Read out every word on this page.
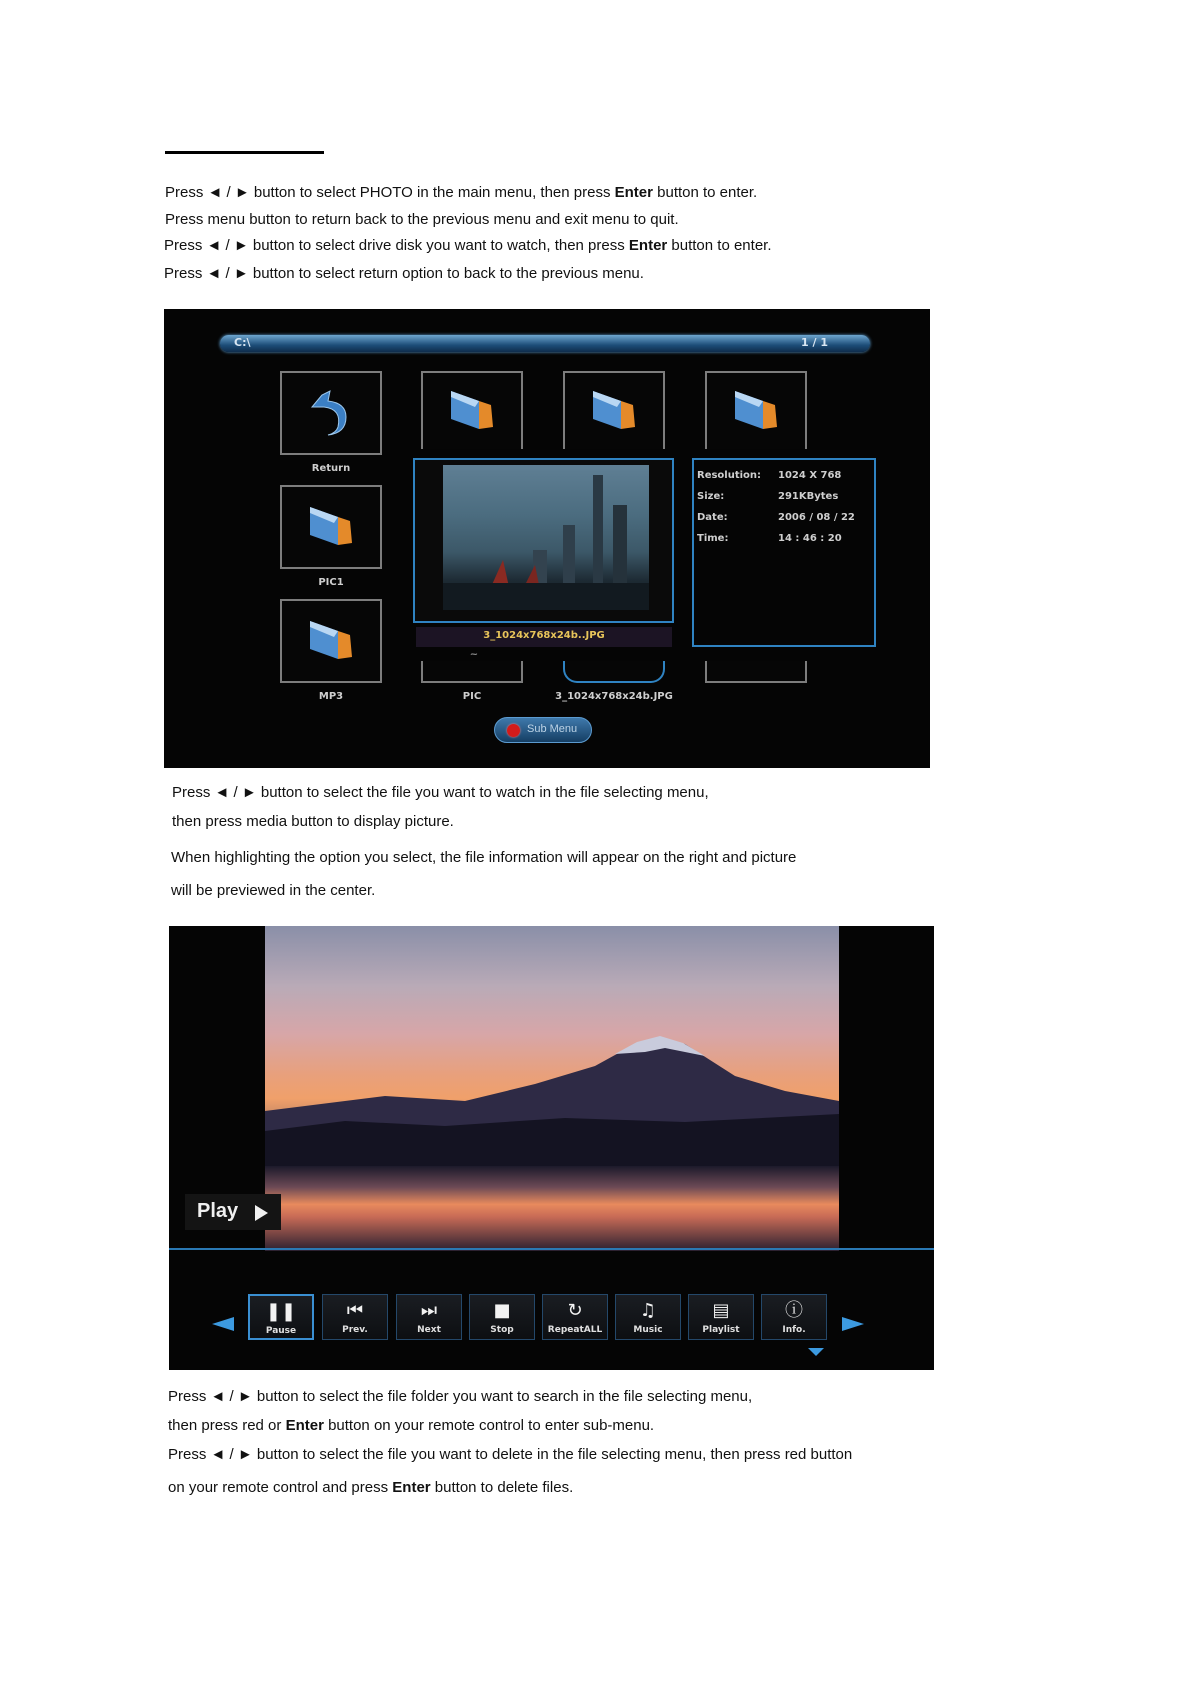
Press ◄ / ► button to select PHOTO in the main menu, then press Enter button to enter.
Press menu button to return back to the previous menu and exit menu to quit.
Press ◄ / ► button to select drive disk you want to watch, then press Enter button to enter.
Press ◄ / ► button to select return option to back to the previous menu.
C:\	1 / 1
Return
PIC1
MP3
~
PIC	3_1024x768x24b.JPG
3_1024x768x24b..JPG
Resolution: 1024 X 768
Size:	291KBytes
Date:	2006 / 08 / 22
Time:	14 : 46 : 20
Sub Menu
Press ◄ / ► button to select the file you want to watch in the file selecting menu,
then press media button to display picture.
When highlighting the option you select, the file information will appear on the right and picture
will be previewed in the center.
Play
❚❚
Pause
⏮
Prev.
⏭
Next
■
Stop
↻
RepeatALL
♫
Music
▤
Playlist
ⓘ
Info.
Press ◄ / ► button to select the file folder you want to search in the file selecting menu,
then press red or Enter button on your remote control to enter sub-menu.
Press ◄ / ► button to select the file you want to delete in the file selecting menu, then press red button
on your remote control and press Enter button to delete files.
